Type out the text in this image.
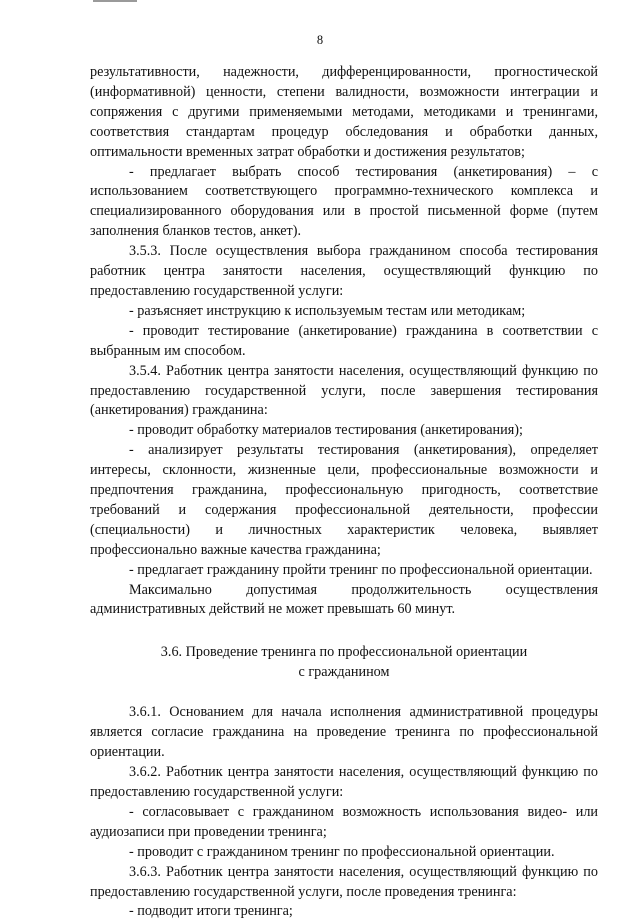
8

результативности, надежности, дифференцированности, прогностической (информативной) ценности, степени валидности, возможности интеграции и сопряжения с другими применяемыми методами, методиками и тренингами, соответствия стандартам процедур обследования и обработки данных, оптимальности временных затрат обработки и достижения результатов;

- предлагает выбрать способ тестирования (анкетирования) – с использованием соответствующего программно-технического комплекса и специализированного оборудования или в простой письменной форме (путем заполнения бланков тестов, анкет).

3.5.3. После осуществления выбора гражданином способа тестирования работник центра занятости населения, осуществляющий функцию по предоставлению государственной услуги:

- разъясняет инструкцию к используемым тестам или методикам;

- проводит тестирование (анкетирование) гражданина в соответствии с выбранным им способом.

3.5.4. Работник центра занятости населения, осуществляющий функцию по предоставлению государственной услуги, после завершения тестирования (анкетирования) гражданина:

- проводит обработку материалов тестирования (анкетирования);

- анализирует результаты тестирования (анкетирования), определяет интересы, склонности, жизненные цели, профессиональные возможности и предпочтения гражданина, профессиональную пригодность, соответствие требований и содержания профессиональной деятельности, профессии (специальности) и личностных характеристик человека, выявляет профессионально важные качества гражданина;

- предлагает гражданину пройти тренинг по профессиональной ориентации.

Максимально допустимая продолжительность осуществления административных действий не может превышать 60 минут.

3.6. Проведение тренинга по профессиональной ориентации
с гражданином

3.6.1. Основанием для начала исполнения административной процедуры является согласие гражданина на проведение тренинга по профессиональной ориентации.

3.6.2. Работник центра занятости населения, осуществляющий функцию по предоставлению государственной услуги:

- согласовывает с гражданином возможность использования видео- или аудиозаписи при проведении тренинга;

- проводит с гражданином тренинг по профессиональной ориентации.

3.6.3. Работник центра занятости населения, осуществляющий функцию по предоставлению государственной услуги, после проведения тренинга:

- подводит итоги тренинга;
